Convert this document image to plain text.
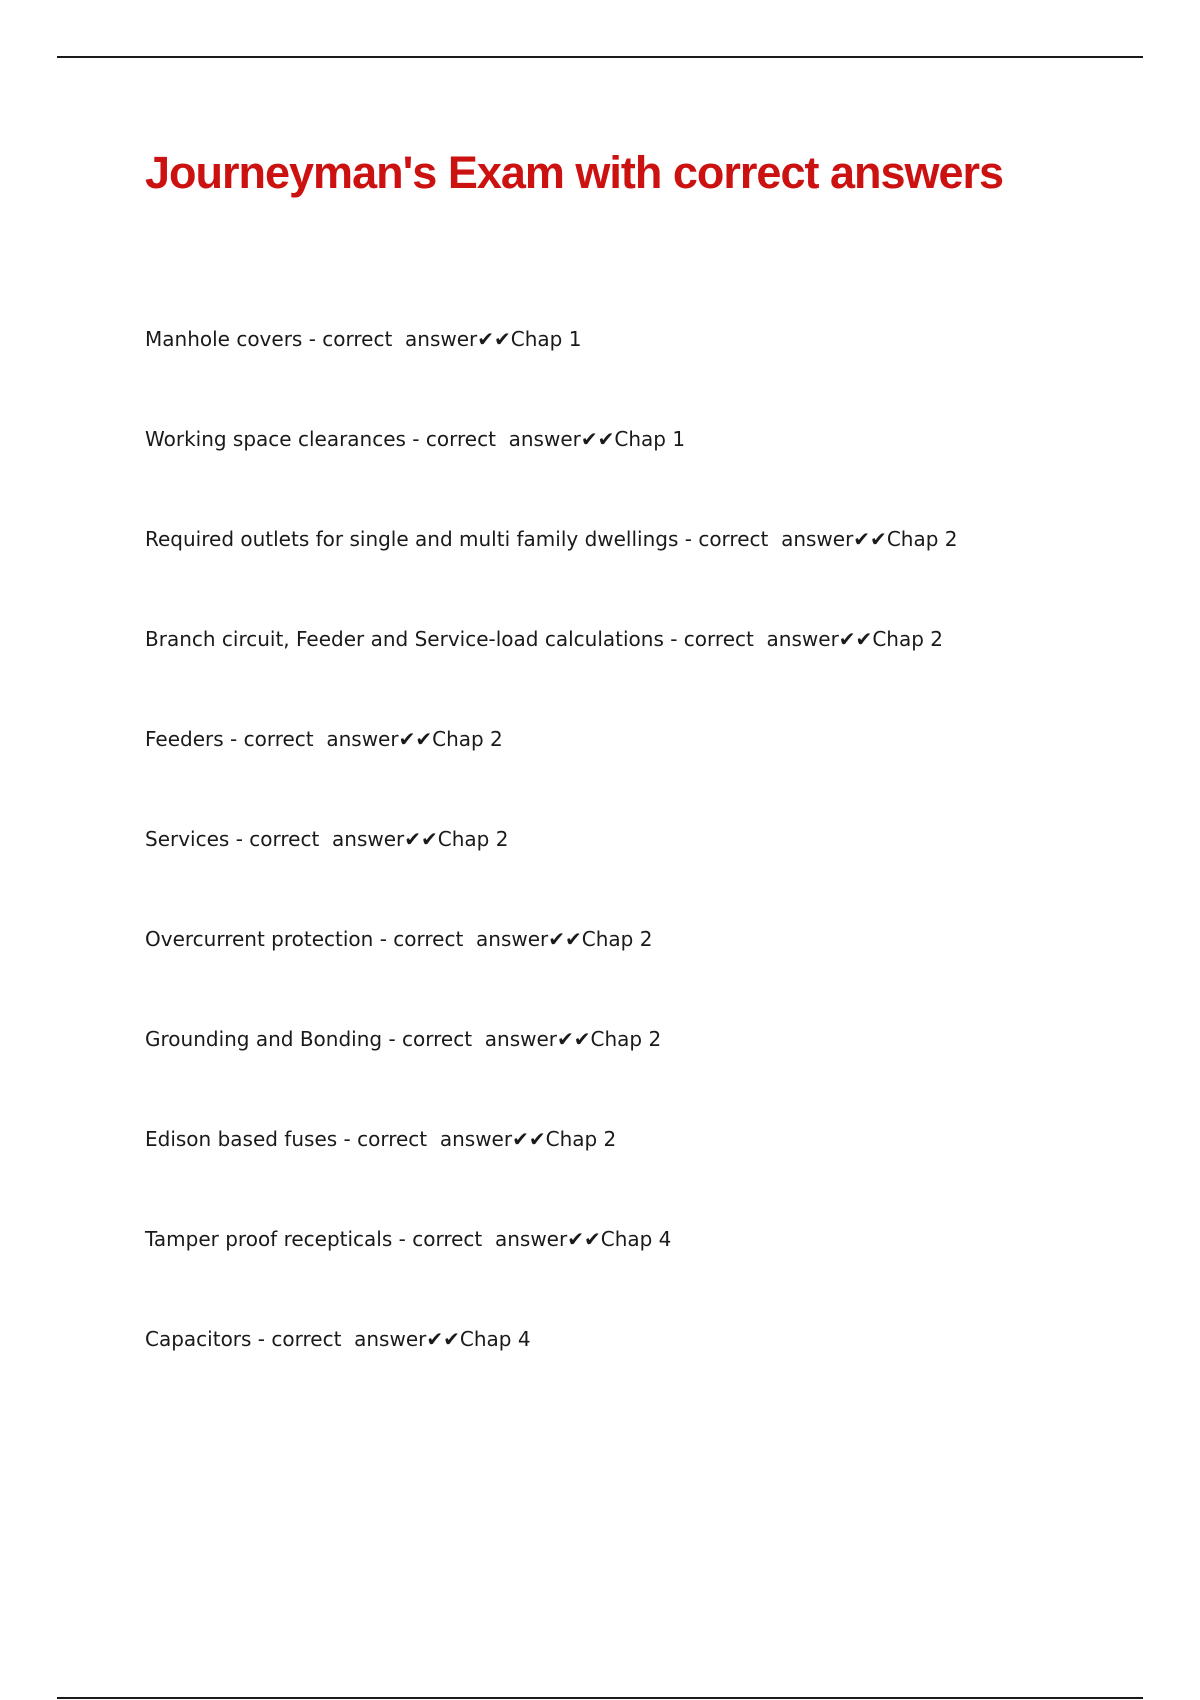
Journeyman's Exam with correct answers
Manhole covers - correct  answer✔✔Chap 1
Working space clearances - correct  answer✔✔Chap 1
Required outlets for single and multi family dwellings - correct  answer✔✔Chap 2
Branch circuit, Feeder and Service-load calculations - correct  answer✔✔Chap 2
Feeders - correct  answer✔✔Chap 2
Services - correct  answer✔✔Chap 2
Overcurrent protection - correct  answer✔✔Chap 2
Grounding and Bonding - correct  answer✔✔Chap 2
Edison based fuses - correct  answer✔✔Chap 2
Tamper proof recepticals - correct  answer✔✔Chap 4
Capacitors - correct  answer✔✔Chap 4
